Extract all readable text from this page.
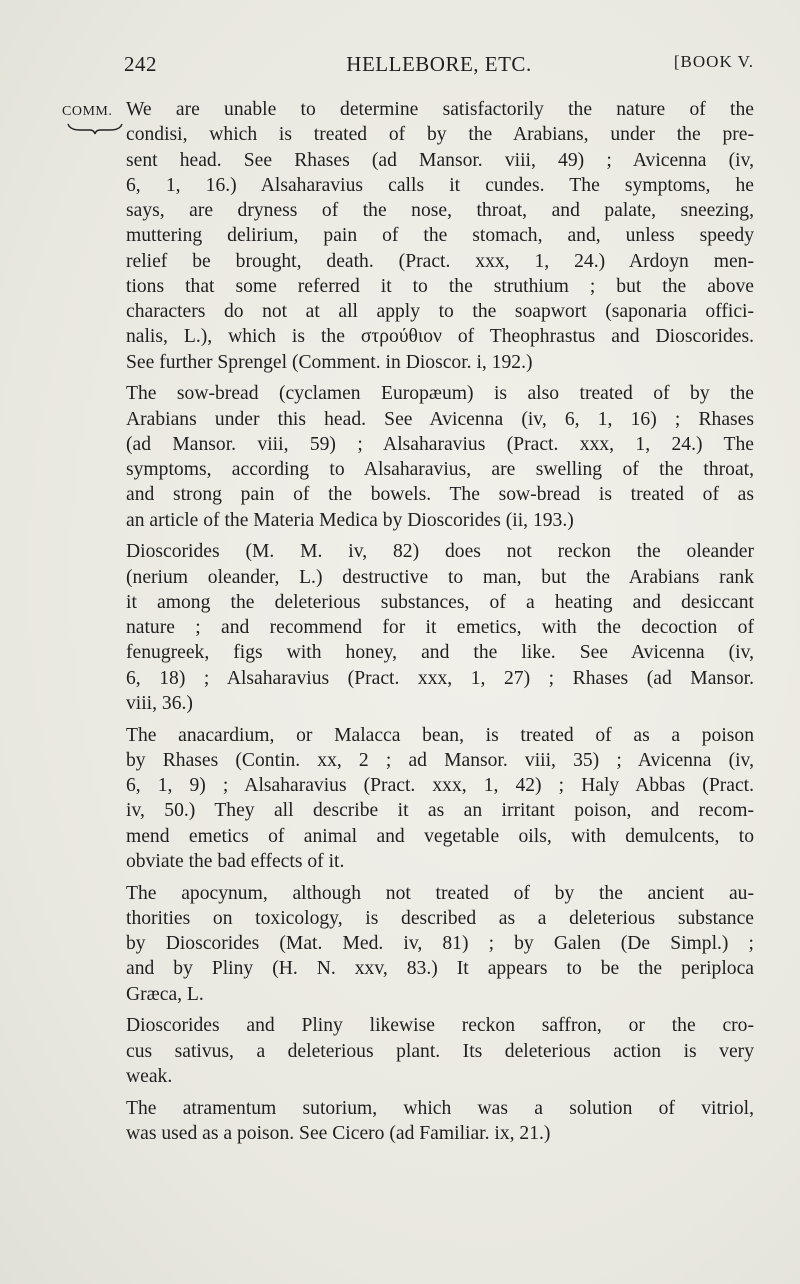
242	HELLEBORE, ETC.	[BOOK V.
COMM. We are unable to determine satisfactorily the nature of the
condisi, which is treated of by the Arabians, under the pre-
sent head. See Rhases (ad Mansor. viii, 49) ; Avicenna (iv,
6, 1, 16.) Alsaharavius calls it cundes. The symptoms, he
says, are dryness of the nose, throat, and palate, sneezing,
muttering delirium, pain of the stomach, and, unless speedy
relief be brought, death. (Pract. xxx, 1, 24.) Ardoyn men-
tions that some referred it to the struthium ; but the above
characters do not at all apply to the soapwort (saponaria offici-
nalis, L.), which is the στρούθιον of Theophrastus and Dioscorides.
See further Sprengel (Comment. in Dioscor. i, 192.)
The sow-bread (cyclamen Europæum) is also treated of by the
Arabians under this head. See Avicenna (iv, 6, 1, 16) ; Rhases
(ad Mansor. viii, 59) ; Alsaharavius (Pract. xxx, 1, 24.) The
symptoms, according to Alsaharavius, are swelling of the throat,
and strong pain of the bowels. The sow-bread is treated of as
an article of the Materia Medica by Dioscorides (ii, 193.)
Dioscorides (M. M. iv, 82) does not reckon the oleander
(nerium oleander, L.) destructive to man, but the Arabians rank
it among the deleterious substances, of a heating and desiccant
nature ; and recommend for it emetics, with the decoction of
fenugreek, figs with honey, and the like. See Avicenna (iv,
6, 18) ; Alsaharavius (Pract. xxx, 1, 27) ; Rhases (ad Mansor.
viii, 36.)
The anacardium, or Malacca bean, is treated of as a poison
by Rhases (Contin. xx, 2 ; ad Mansor. viii, 35) ; Avicenna (iv,
6, 1, 9) ; Alsaharavius (Pract. xxx, 1, 42) ; Haly Abbas (Pract.
iv, 50.) They all describe it as an irritant poison, and recom-
mend emetics of animal and vegetable oils, with demulcents, to
obviate the bad effects of it.
The apocynum, although not treated of by the ancient au-
thorities on toxicology, is described as a deleterious substance
by Dioscorides (Mat. Med. iv, 81) ; by Galen (De Simpl.) ;
and by Pliny (H. N. xxv, 83.) It appears to be the periploca
Græca, L.
Dioscorides and Pliny likewise reckon saffron, or the cro-
cus sativus, a deleterious plant. Its deleterious action is very
weak.
The atramentum sutorium, which was a solution of vitriol,
was used as a poison. See Cicero (ad Familiar. ix, 21.)
